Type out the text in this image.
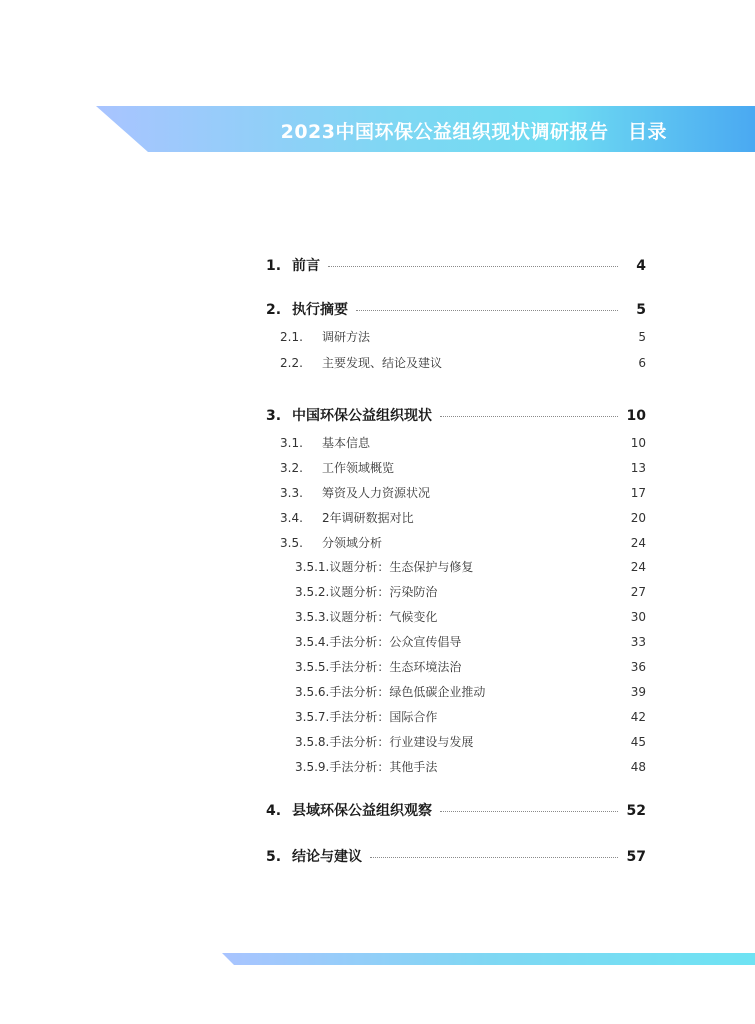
2023中国环保公益组织现状调研报告　目录
1. 前言	4
2. 执行摘要	5
2.1.	调研方法	5
2.2.	主要发现、结论及建议	6
3. 中国环保公益组织现状	10
3.1.	基本信息	10
3.2.	工作领域概览	13
3.3.	筹资及人力资源状况	17
3.4.	2年调研数据对比	20
3.5.	分领域分析	24
3.5.1. 议题分析：生态保护与修复	24
3.5.2. 议题分析：污染防治	27
3.5.3. 议题分析：气候变化	30
3.5.4. 手法分析：公众宣传倡导	33
3.5.5. 手法分析：生态环境法治	36
3.5.6. 手法分析：绿色低碳企业推动	39
3.5.7. 手法分析：国际合作	42
3.5.8. 手法分析：行业建设与发展	45
3.5.9. 手法分析：其他手法	48
4. 县域环保公益组织观察	52
5. 结论与建议	57
